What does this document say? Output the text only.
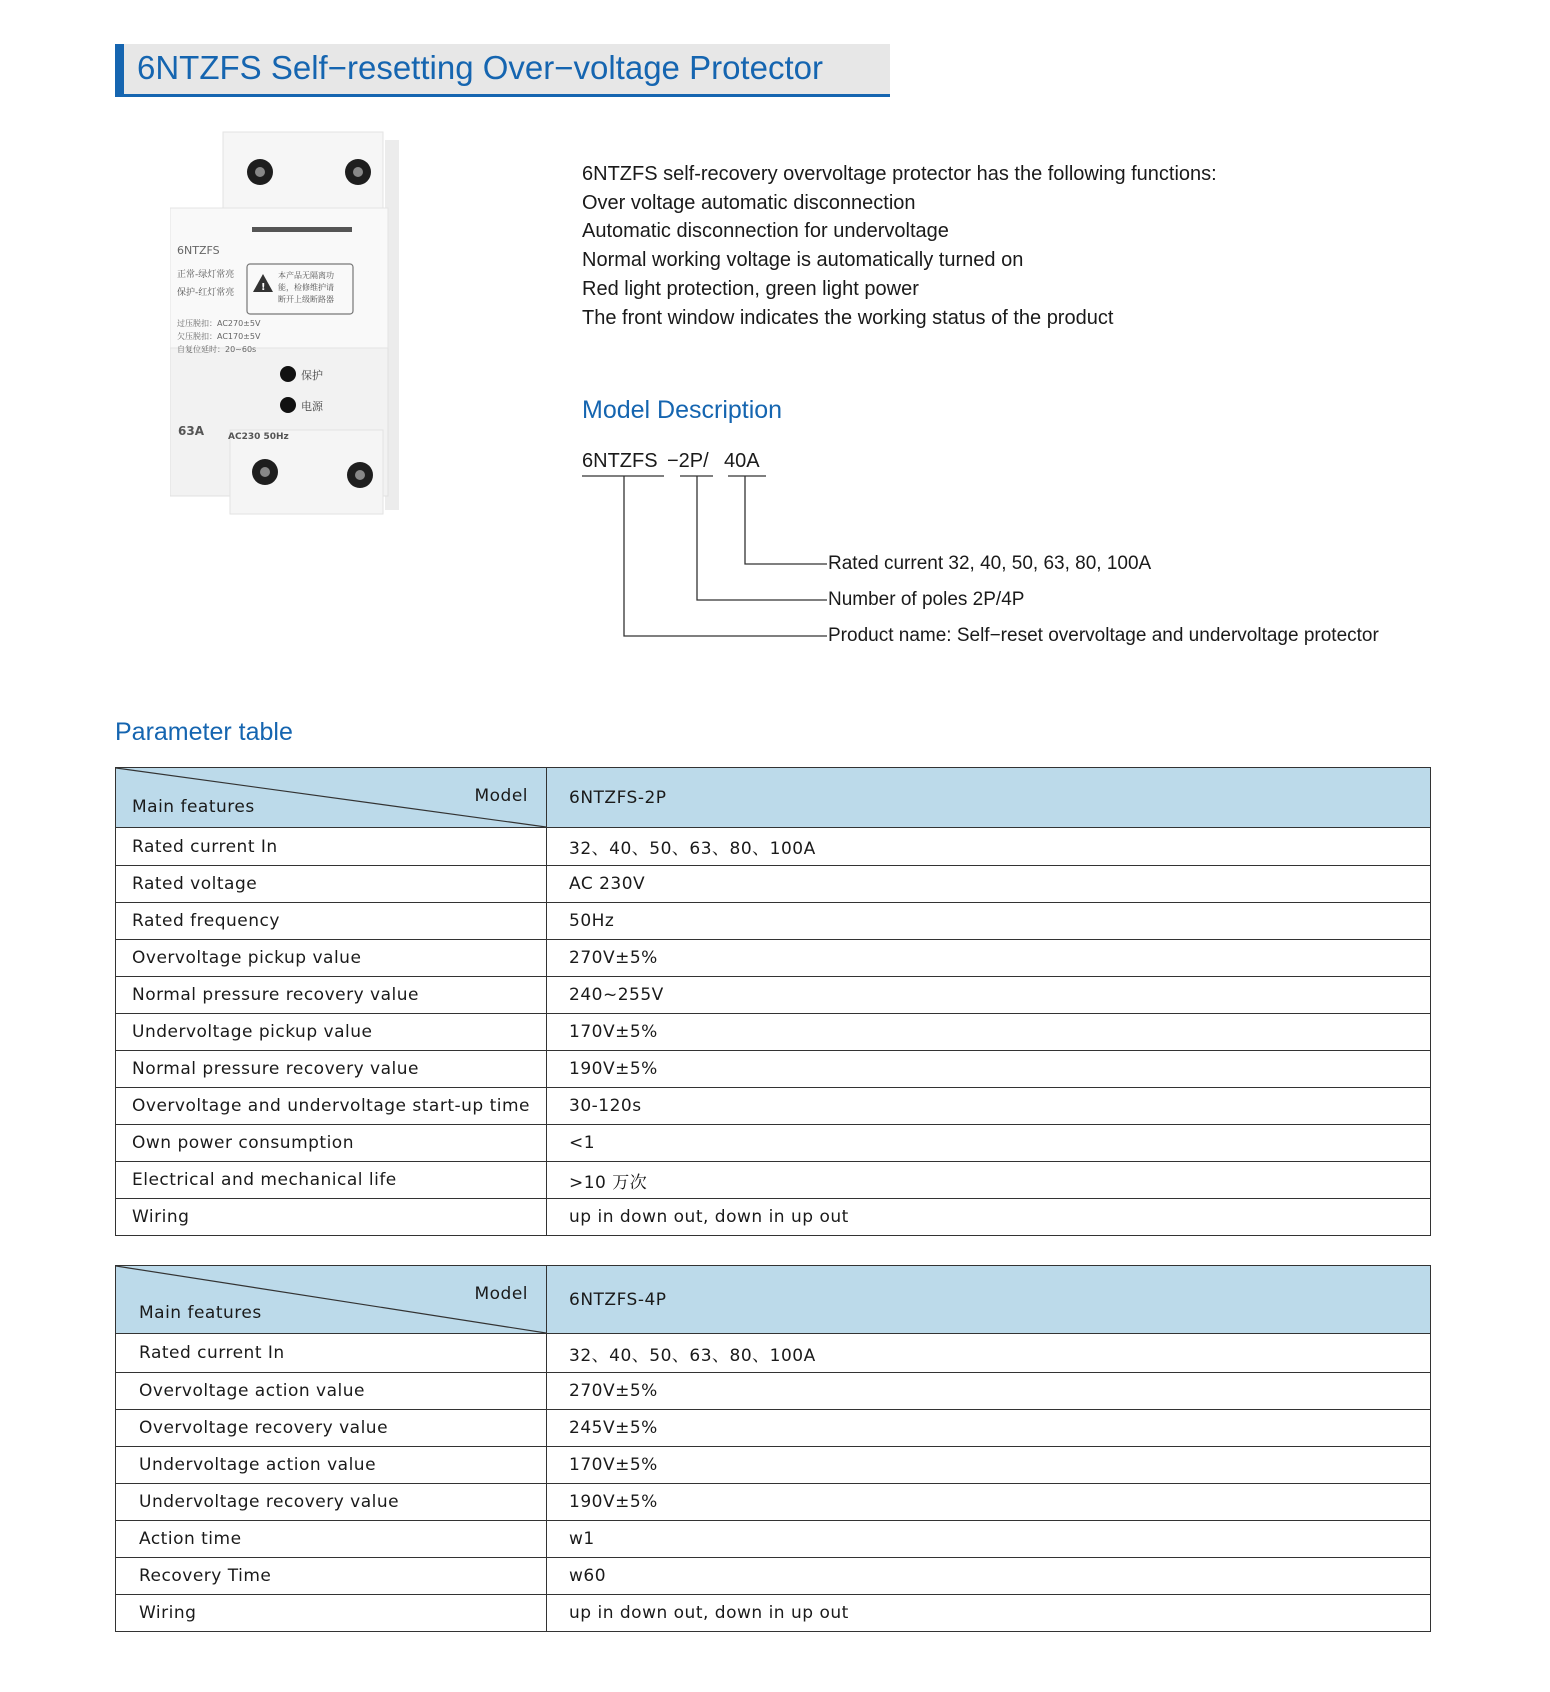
6NTZFS Self−resetting Over−voltage Protector
6NTZFS
正常-绿灯常亮
保护-红灯常亮	!
本产品无隔离功
能，检修维护请
断开上级断路器
过压脱扣：AC270±5V
欠压脱扣：AC170±5V
自复位延时：20~60s
保护
电源
63A	AC230 50Hz
6NTZFS self-recovery overvoltage protector has the following functions:
Over voltage automatic disconnection
Automatic disconnection for undervoltage
Normal working voltage is automatically turned on
Red light protection, green light power
The front window indicates the working status of the product
Model Description
6NTZFS −2P/ 40A
Rated current 32, 40, 50, 63, 80, 100A
Number of poles 2P/4P
Product name: Self−reset overvoltage and undervoltage protector
Parameter table
Model
Main features	6NTZFS-2P
Rated current In	32、40、50、63、80、100A
Rated voltage	AC 230V
Rated frequency	50Hz
Overvoltage pickup value	270V±5%
Normal pressure recovery value	240~255V
Undervoltage pickup value	170V±5%
Normal pressure recovery value	190V±5%
Overvoltage and undervoltage start-up time	30-120s
Own power consumption	<1
Electrical and mechanical life	>10 万次
Wiring	up in down out, down in up out
Model
Main features	6NTZFS-4P
Rated current In	32、40、50、63、80、100A
Overvoltage action value	270V±5%
Overvoltage recovery value	245V±5%
Undervoltage action value	170V±5%
Undervoltage recovery value	190V±5%
Action time	w1
Recovery Time	w60
Wiring	up in down out, down in up out
